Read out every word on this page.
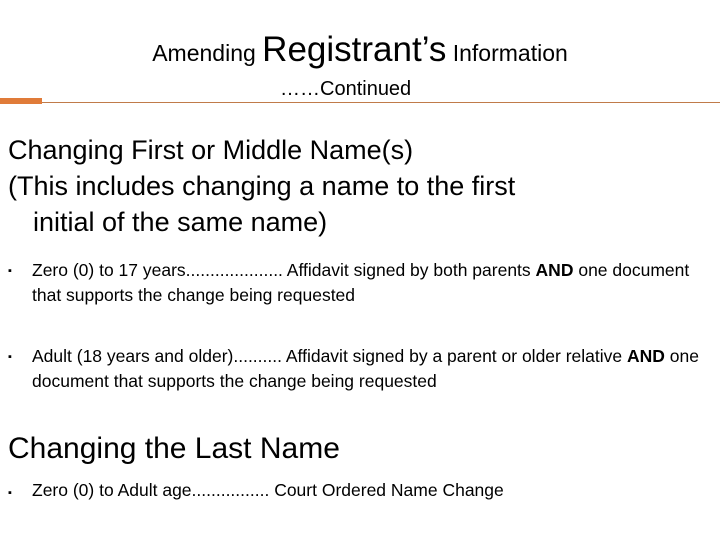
Amending Registrant’s Information
……Continued
Changing First or Middle Name(s)
(This includes changing a name to the first
initial of the same name)
▪ Zero (0) to 17 years.................... Affidavit signed by both parents AND one document that supports the change being requested
▪ Adult (18 years and older).......... Affidavit signed by a parent or older relative AND one document that supports the change being requested
Changing the Last Name
▪ Zero (0) to Adult age................ Court Ordered Name Change
